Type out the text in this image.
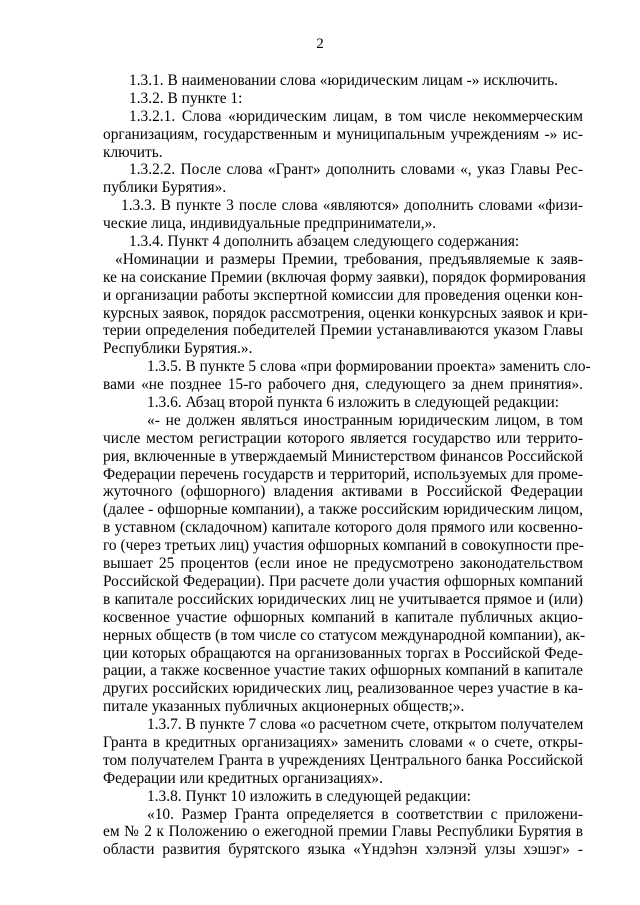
2
1.3.1. В наименовании слова «юридическим лицам -» исключить.
1.3.2. В пункте 1:
1.3.2.1. Слова «юридическим лицам, в том числе некоммерческим
организациям, государственным и муниципальным учреждениям -» ис-
ключить.
1.3.2.2. После слова «Грант» дополнить словами «, указ Главы Рес-
публики Бурятия».
1.3.3. В пункте 3 после слова «являются» дополнить словами «физи-
ческие лица, индивидуальные предприниматели,».
1.3.4. Пункт 4 дополнить абзацем следующего содержания:
«Номинации и размеры Премии, требования, предъявляемые к заяв-
ке на соискание Премии (включая форму заявки), порядок формирования
и организации работы экспертной комиссии для проведения оценки кон-
курсных заявок, порядок рассмотрения, оценки конкурсных заявок и кри-
терии определения победителей Премии устанавливаются указом Главы
Республики Бурятия.».
1.3.5. В пункте 5 слова «при формировании проекта» заменить сло-
вами «не позднее 15-го рабочего дня, следующего за днем принятия».
1.3.6. Абзац второй пункта 6 изложить в следующей редакции:
«- не должен являться иностранным юридическим лицом, в том
числе местом регистрации которого является государство или террито-
рия, включенные в утверждаемый Министерством финансов Российской
Федерации перечень государств и территорий, используемых для проме-
жуточного (офшорного) владения активами в Российской Федерации
(далее - офшорные компании), а также российским юридическим лицом,
в уставном (складочном) капитале которого доля прямого или косвенно-
го (через третьих лиц) участия офшорных компаний в совокупности пре-
вышает 25 процентов (если иное не предусмотрено законодательством
Российской Федерации). При расчете доли участия офшорных компаний
в капитале российских юридических лиц не учитывается прямое и (или)
косвенное участие офшорных компаний в капитале публичных акцио-
нерных обществ (в том числе со статусом международной компании), ак-
ции которых обращаются на организованных торгах в Российской Феде-
рации, а также косвенное участие таких офшорных компаний в капитале
других российских юридических лиц, реализованное через участие в ка-
питале указанных публичных акционерных обществ;».
1.3.7. В пункте 7 слова «о расчетном счете, открытом получателем
Гранта в кредитных организациях» заменить словами « о счете, откры-
том получателем Гранта в учреждениях Центрального банка Российской
Федерации или кредитных организациях».
1.3.8. Пункт 10 изложить в следующей редакции:
«10. Размер Гранта определяется в соответствии с приложени-
ем № 2 к Положению о ежегодной премии Главы Республики Бурятия в
области развития бурятского языка «Yндэhэн хэлэнэй улзы хэшэг» -
